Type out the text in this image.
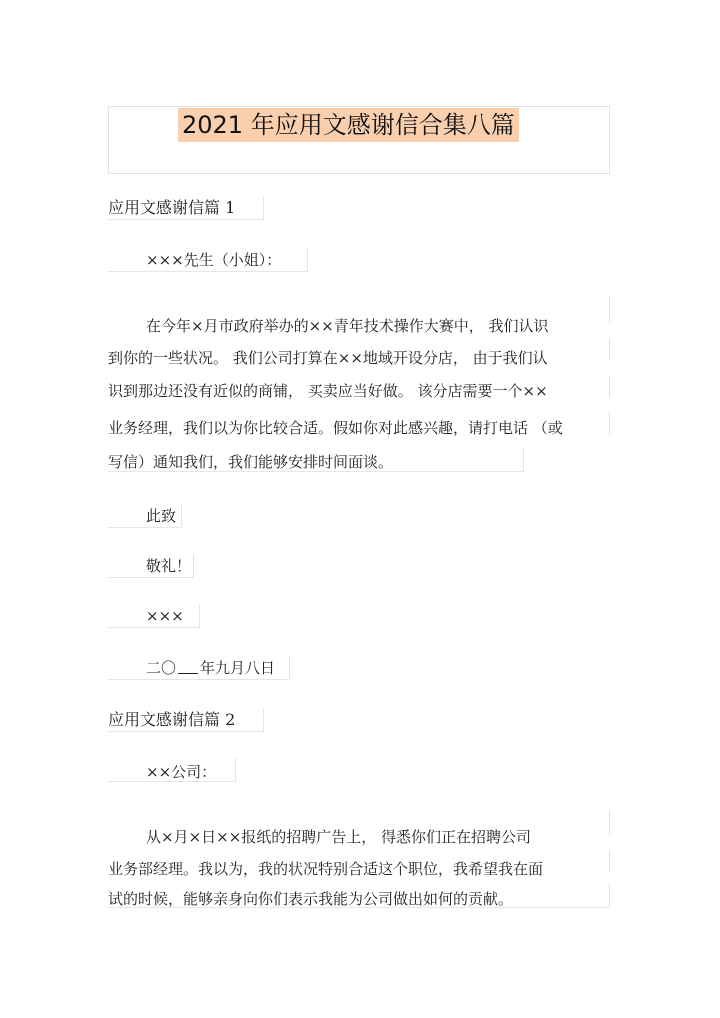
2021 年应用文感谢信合集八篇
应用文感谢信篇 1
×××先生（小姐）：
在今年×月市政府举办的××青年技术操作大赛中， 我们认识
到你的一些状况。 我们公司打算在××地域开设分店， 由于我们认
识到那边还没有近似的商铺， 买卖应当好做。 该分店需要一个××
业务经理，我们以为你比较合适。假如你对此感兴趣，请打电话 （或
写信）通知我们，我们能够安排时间面谈。
此致
敬礼！
×××
二〇 年九月八日
应用文感谢信篇 2
××公司：
从×月×日××报纸的招聘广告上， 得悉你们正在招聘公司
业务部经理。我以为，我的状况特别合适这个职位，我希望我在面
试的时候，能够亲身向你们表示我能为公司做出如何的贡献。
